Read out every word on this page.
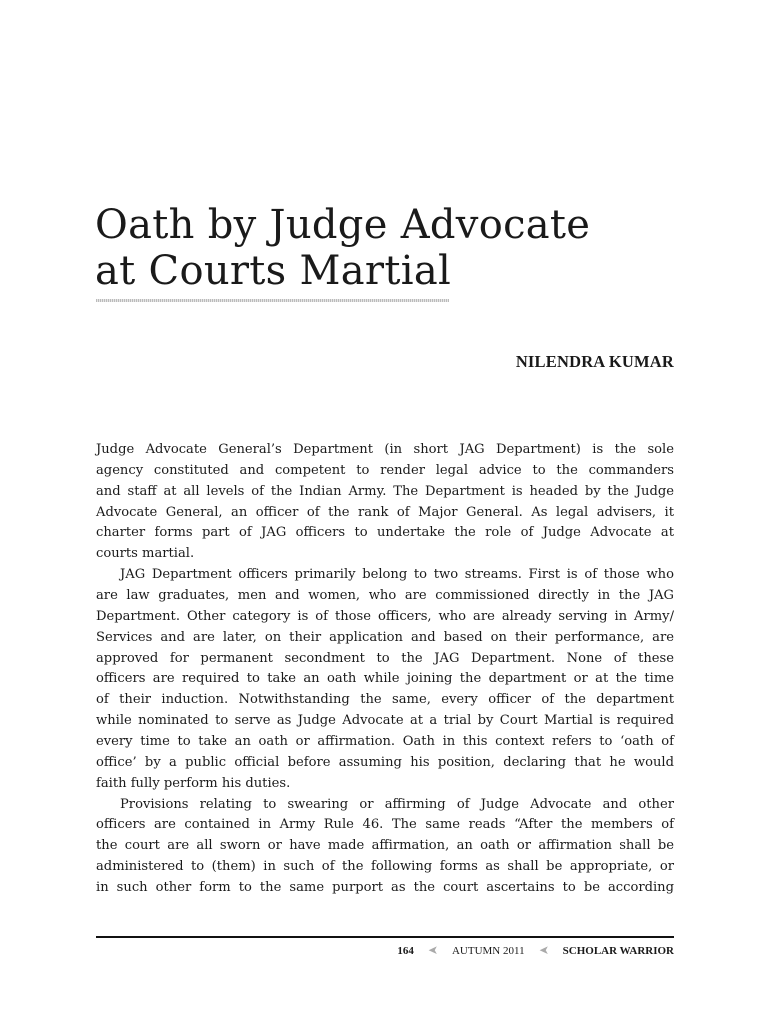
Oath by Judge Advocate
at Courts Martial
NILENDRA KUMAR
Judge Advocate General’s Department (in short JAG Department) is the sole
agency constituted and competent to render legal advice to the commanders
and staff at all levels of the Indian Army. The Department is headed by the Judge
Advocate General, an officer of the rank of Major General. As legal advisers, it
charter forms part of JAG officers to undertake the role of Judge Advocate at
courts martial.
JAG Department officers primarily belong to two streams. First is of those who
are law graduates, men and women, who are commissioned directly in the JAG
Department. Other category is of those officers, who are already serving in Army/
Services and are later, on their application and based on their performance, are
approved for permanent secondment to the JAG Department. None of these
officers are required to take an oath while joining the department or at the time
of their induction. Notwithstanding the same, every officer of the department
while nominated to serve as Judge Advocate at a trial by Court Martial is required
every time to take an oath or affirmation. Oath in this context refers to ‘oath of
office’ by a public official before assuming his position, declaring that he would
faith fully perform his duties.
Provisions relating to swearing or affirming of Judge Advocate and other
officers are contained in Army Rule 46. The same reads “After the members of
the court are all sworn or have made affirmation, an oath or affirmation shall be
administered to (them) in such of the following forms as shall be appropriate, or
in such other form to the same purport as the court ascertains to be according
164 ➤ AUTUMN 2011 ➤ SCHOLAR WARRIOR
